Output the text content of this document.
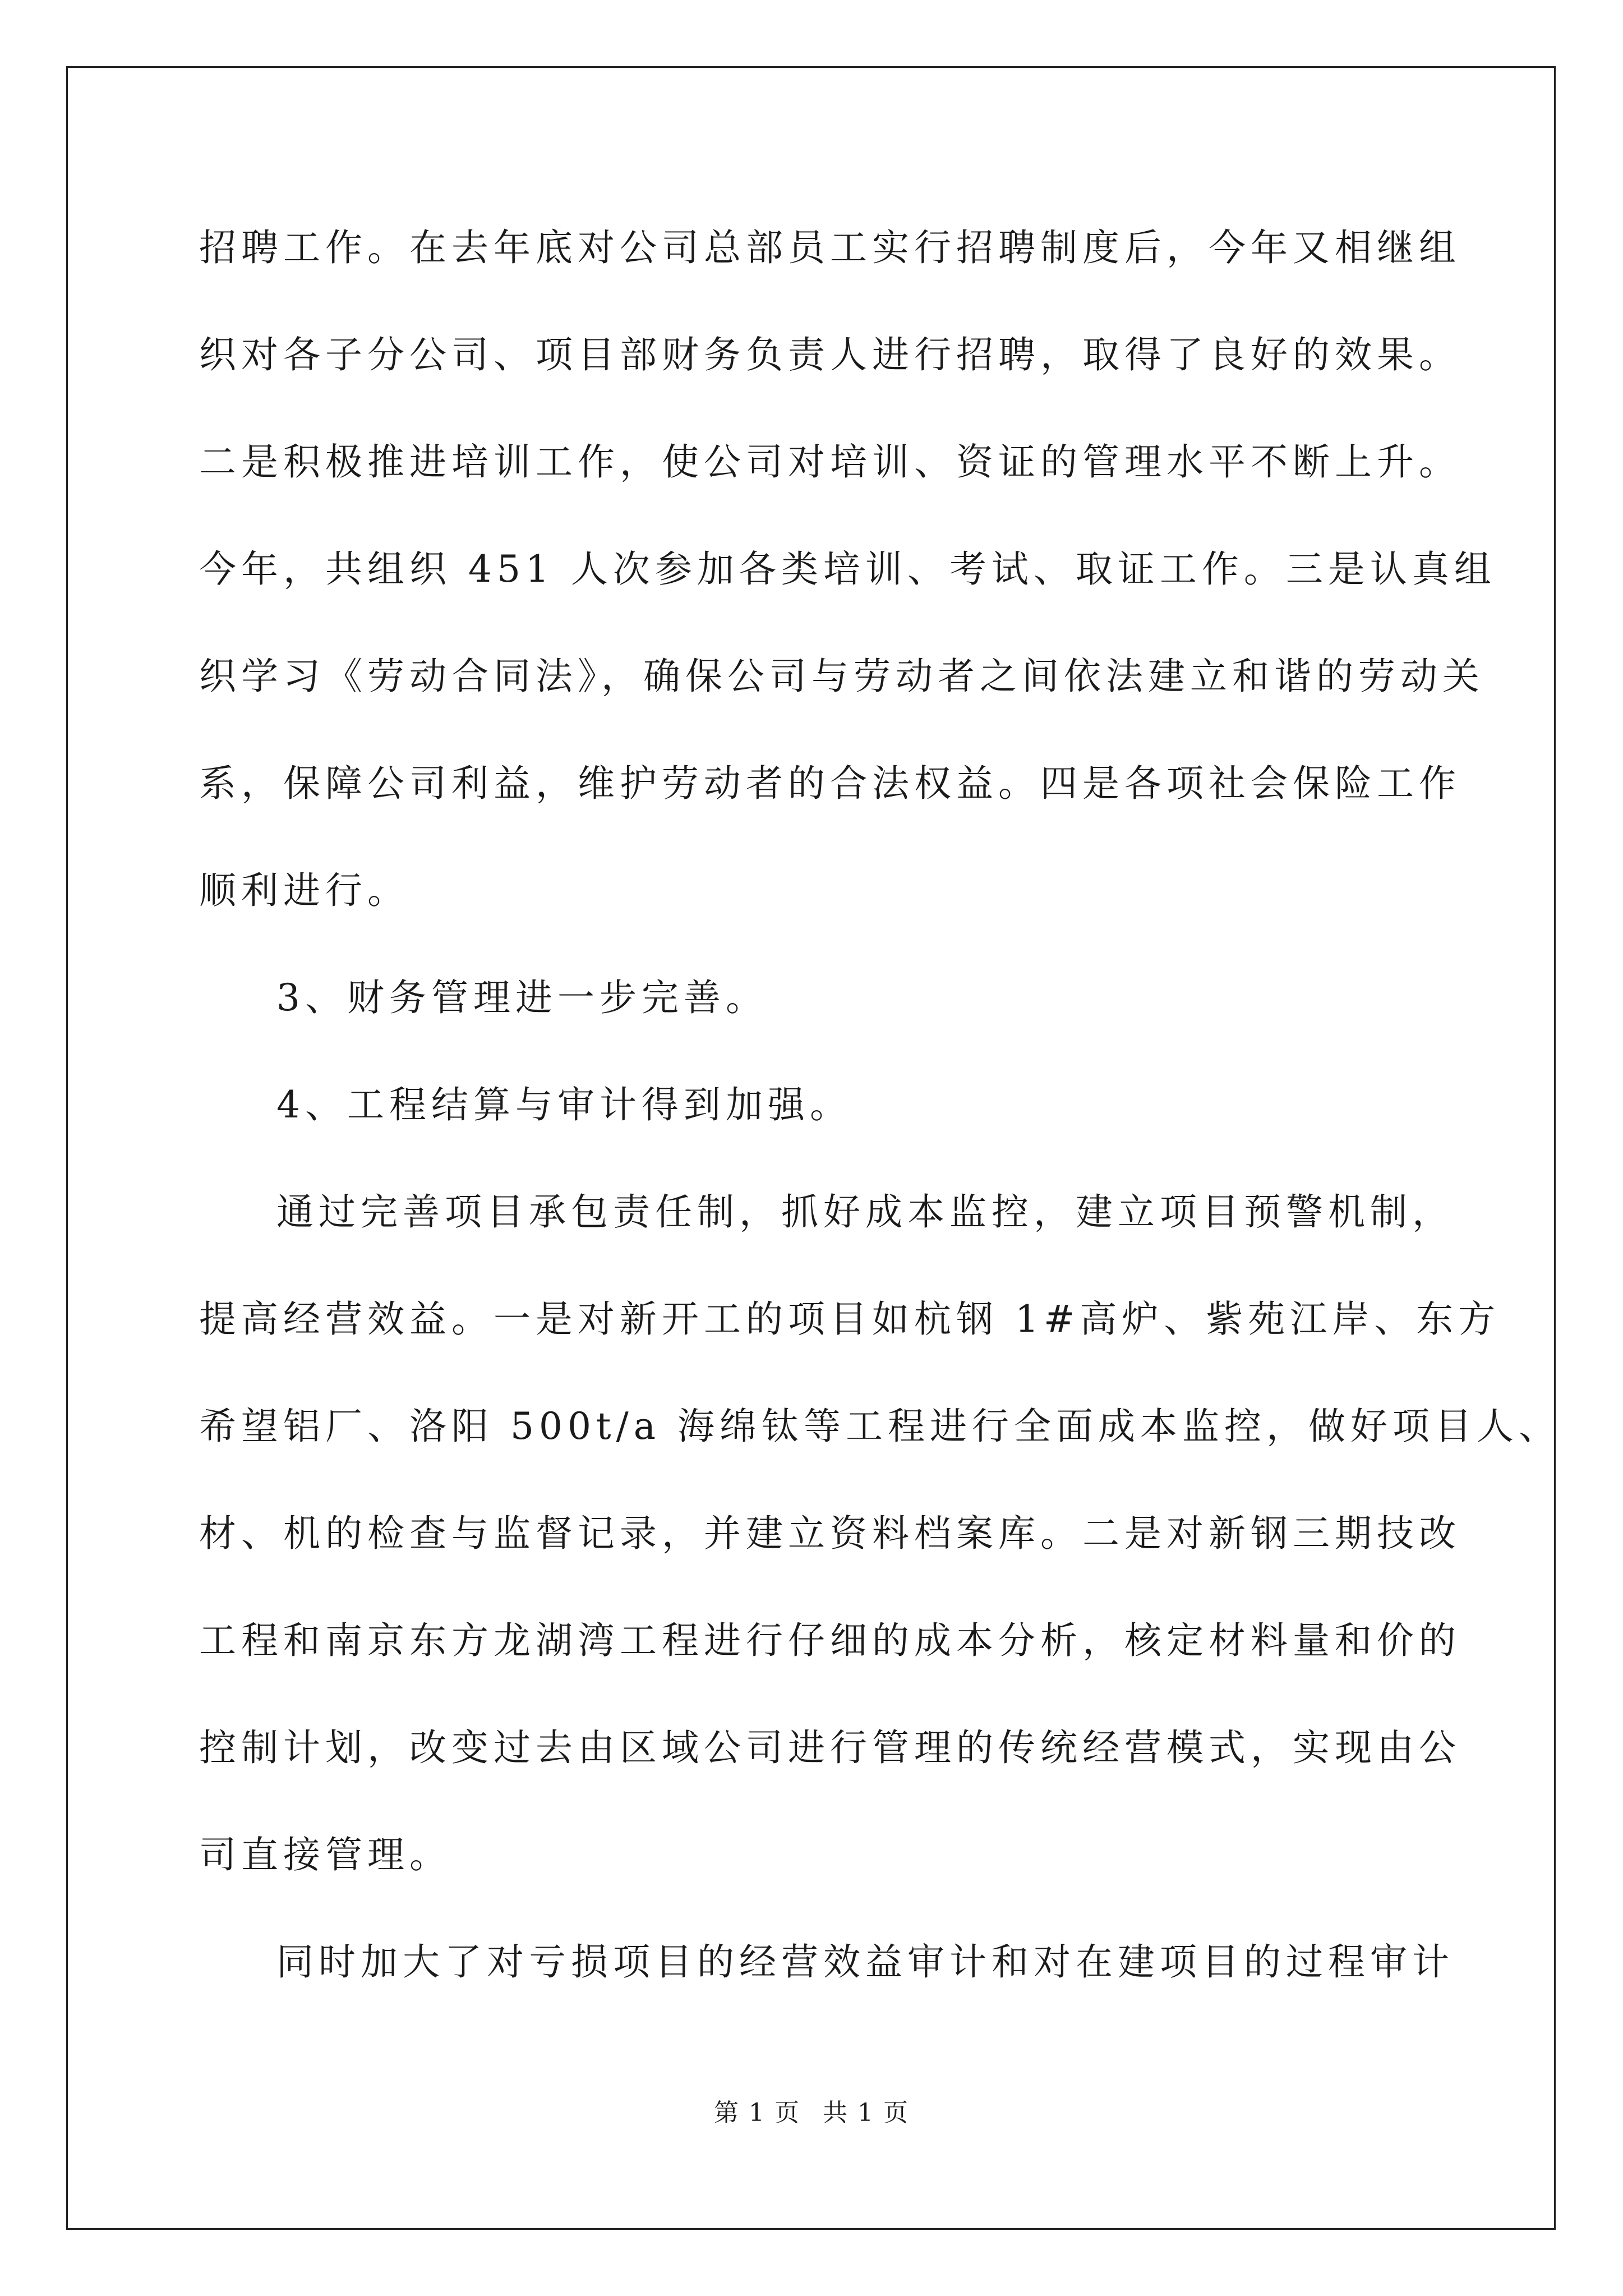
招聘工作。在去年底对公司总部员工实行招聘制度后，今年又相继组
织对各子分公司、项目部财务负责人进行招聘，取得了良好的效果。
二是积极推进培训工作，使公司对培训、资证的管理水平不断上升。
今年，共组织 451 人次参加各类培训、考试、取证工作。三是认真组
织学习《劳动合同法》，确保公司与劳动者之间依法建立和谐的劳动关
系，保障公司利益，维护劳动者的合法权益。四是各项社会保险工作
顺利进行。
3、财务管理进一步完善。
4、工程结算与审计得到加强。
通过完善项目承包责任制，抓好成本监控，建立项目预警机制，
提高经营效益。一是对新开工的项目如杭钢 1#高炉、紫苑江岸、东方
希望铝厂、洛阳 500t/a 海绵钛等工程进行全面成本监控，做好项目人、
材、机的检查与监督记录，并建立资料档案库。二是对新钢三期技改
工程和南京东方龙湖湾工程进行仔细的成本分析，核定材料量和价的
控制计划，改变过去由区域公司进行管理的传统经营模式，实现由公
司直接管理。
同时加大了对亏损项目的经营效益审计和对在建项目的过程审计
第 1 页 共 1 页
